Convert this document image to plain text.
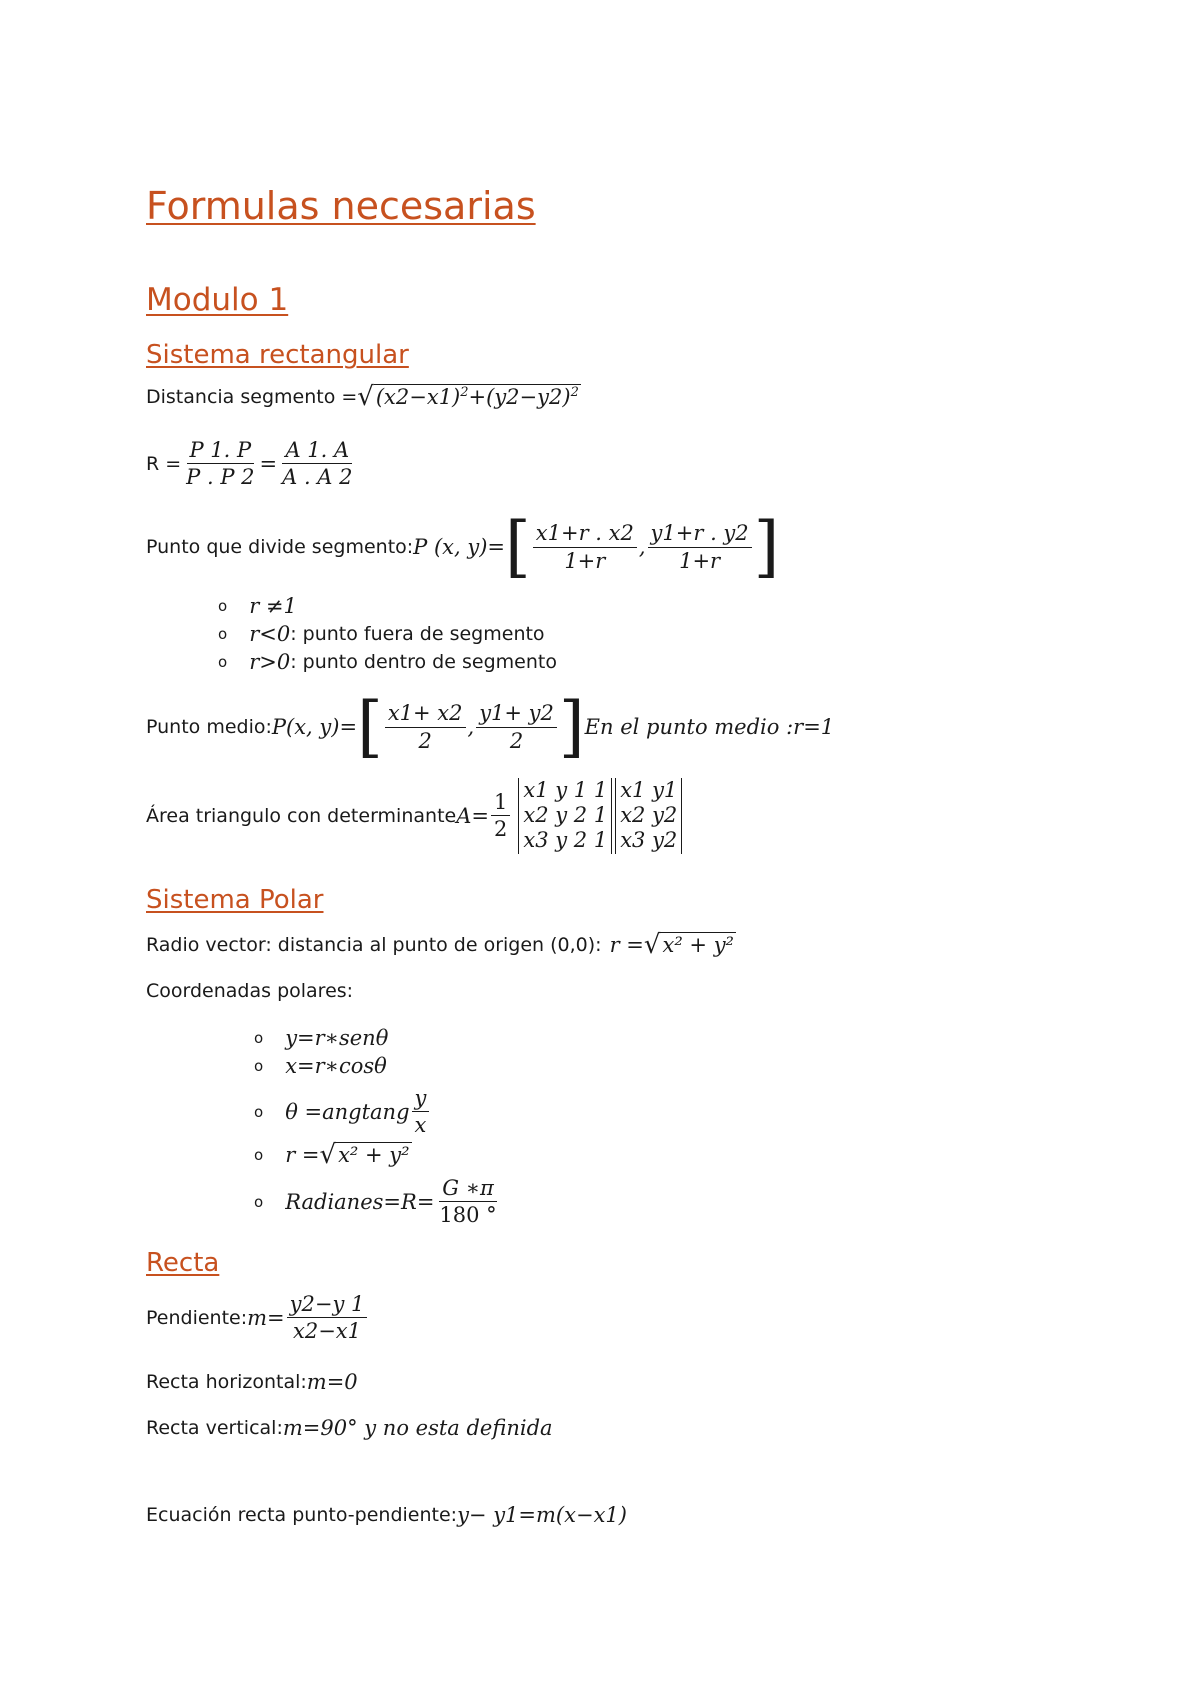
Formulas necesarias
Modulo 1
Sistema rectangular
Distancia segmento = √ $(x2-x1)^2+(y2-y2)^2$
$R = \frac{P 1. P}{P . P 2} = \frac{A 1. A}{A . A 2}$
Punto que divide segmento: P (x, y)= [ $\frac{x1+r . x2}{1+r}$ , $\frac{y1+r . y2}{1+r}$ ]
o r ≠1
o r<0 : punto fuera de segmento
o r>0 : punto dentro de segmento
Punto medio: P(x, y)= [ $\frac{x1+ x2}{2}$ , $\frac{y1+ y2}{2}$ ] En el punto medio :r=1
Área triangulo con determinante $A= \frac{1}{2}$
x1 y 1 1
x2 y 2 1
x3 y 2 1
x1 y1
x2 y2
x3 y2
Sistema Polar
Radio vector: distancia al punto de origen (0,0): r = √ x² + y²
Coordenadas polares:
o y=r∗senθ
o x=r∗cosθ
o $\theta =angtang \frac{y}{x}$
o r = √ x² + y²
o Radianes=R= $\frac{G ∗\pi}{180 ^\circ}$
Recta
Pendiente: $m= \frac{y2-y 1}{x2-x1}$
Recta horizontal: m=0
Recta vertical: m=90° y no esta definida
Ecuación recta punto-pendiente: y− y1=m(x−x1)
